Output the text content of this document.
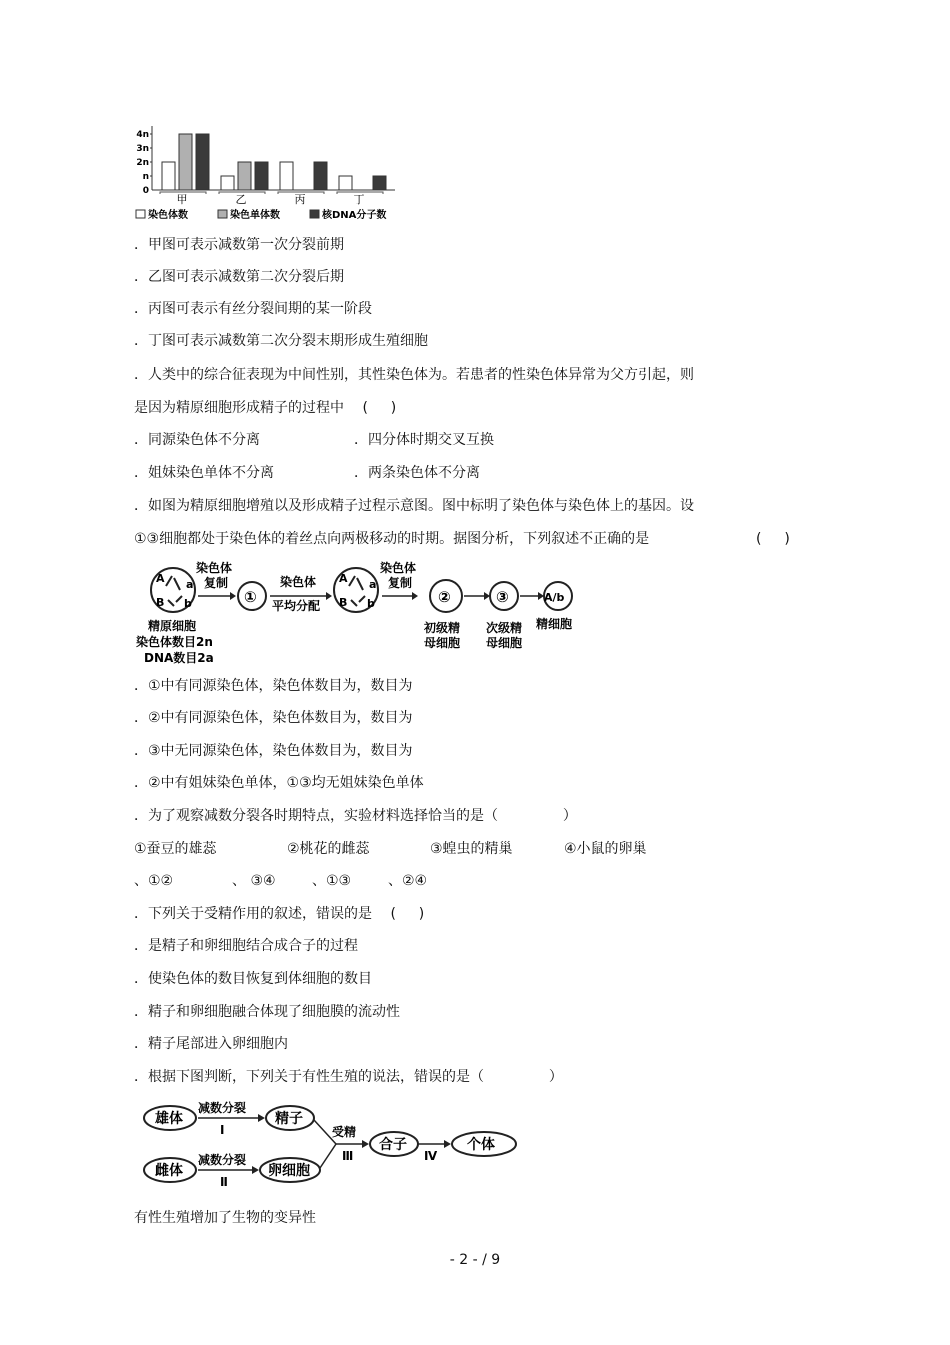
0
n
2n
3n
4n
甲	乙	丙	丁
染色体数	染色单体数	核DNA分子数
．甲图可表示减数第一次分裂前期
．乙图可表示减数第二次分裂后期
．丙图可表示有丝分裂间期的某一阶段
．丁图可表示减数第二次分裂末期形成生殖细胞
．人类中的综合征表现为中间性别，其性染色体为。若患者的性染色体异常为父方引起，则
是因为精原细胞形成精子的过程中 　( 　 )
．同源染色体不分离	．四分体时期交叉互换
．姐妹染色单体不分离	．两条染色体不分离
．如图为精原细胞增殖以及形成精子过程示意图。图中标明了染色体与染色体上的基因。设
①③细胞都处于染色体的着丝点向两极移动的时期。据图分析，下列叙述不正确的是	( 　 )
A a
B b
精原细胞
染色体数目2n
DNA数目2a
染色体
复制
①
染色体
平均分配
A a
B b
染色体
复制
②
初级精
母细胞
③
次级精
母细胞
A/b
精细胞
．①中有同源染色体，染色体数目为，数目为
．②中有同源染色体，染色体数目为，数目为
．③中无同源染色体，染色体数目为，数目为
．②中有姐妹染色单体，①③均无姐妹染色单体
．为了观察减数分裂各时期特点，实验材料选择恰当的是（ 　　　　 ）
①蚕豆的雄蕊	②桃花的雌蕊	③蝗虫的精巢	④小鼠的卵巢
、①②	、 ③④	、①③	、②④
．下列关于受精作用的叙述，错误的是 　( 　 )
．是精子和卵细胞结合成合子的过程
．使染色体的数目恢复到体细胞的数目
．精子和卵细胞融合体现了细胞膜的流动性
．精子尾部进入卵细胞内
．根据下图判断，下列关于有性生殖的说法，错误的是（ 　　　　 ）
雄体
减数分裂
I
精子
雌体
减数分裂
Ⅱ
卵细胞
受精
Ⅲ
合子
Ⅳ
个体
有性生殖增加了生物的变异性
- 2 - / 9
